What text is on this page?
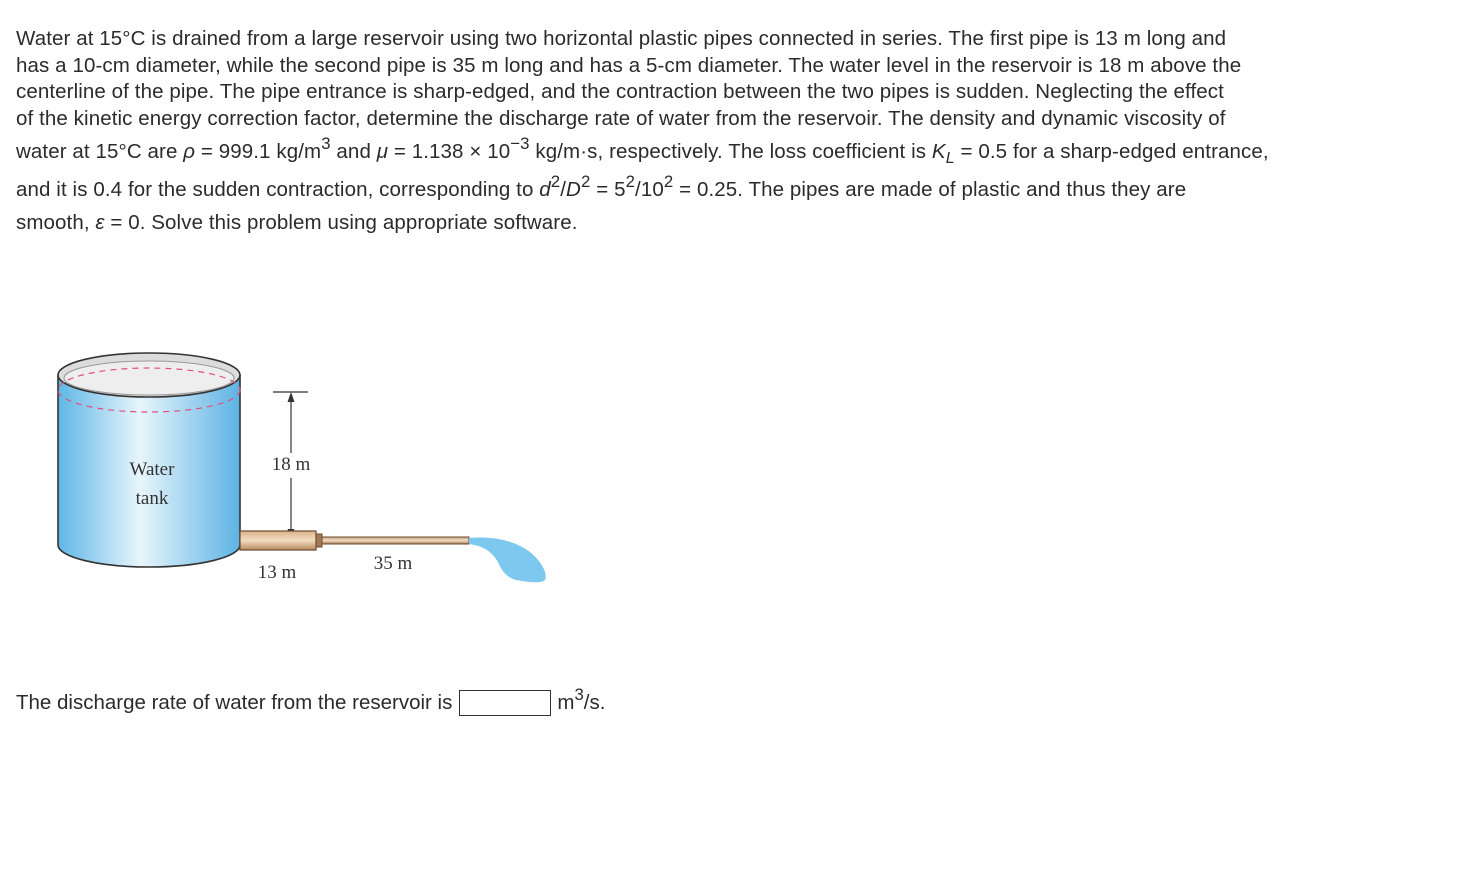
Water at 15°C is drained from a large reservoir using two horizontal plastic pipes connected in series. The first pipe is 13 m long and

has a 10-cm diameter, while the second pipe is 35 m long and has a 5-cm diameter. The water level in the reservoir is 18 m above the

centerline of the pipe. The pipe entrance is sharp-edged, and the contraction between the two pipes is sudden. Neglecting the effect

of the kinetic energy correction factor, determine the discharge rate of water from the reservoir. The density and dynamic viscosity of

water at 15°C are ρ = 999.1 $kg/m^3$ and $\mu = 1.138 \times 10^{-3}$ kg/m·s, respectively. The loss coefficient is $K_L = 0.5$ for a sharp-edged entrance,

and it is 0.4 for the sudden contraction, corresponding to $d^2/D^2 = 5^2/10^2 = 0.25$. The pipes are made of plastic and thus they are

smooth, ε = 0. Solve this problem using appropriate software.

Water
tank
18 m
13 m	35 m
The discharge rate of water from the reservoir is	$m^3/s$.
